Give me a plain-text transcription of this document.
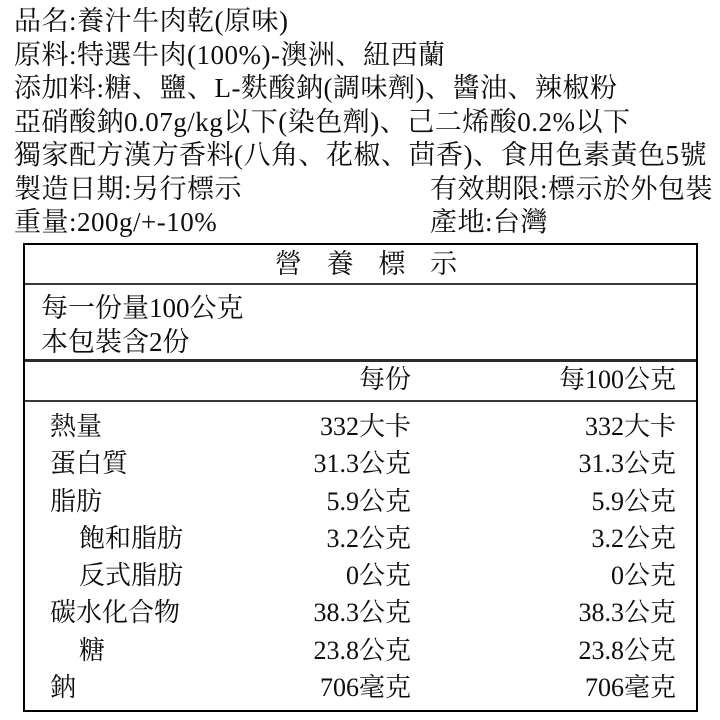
品名:養汁牛肉乾(原味)
原料:特選牛肉(100%)-澳洲、紐西蘭
添加料:糖、鹽、L-麩酸鈉(調味劑)、醬油、辣椒粉
亞硝酸鈉0.07g/kg以下(染色劑)、己二烯酸0.2%以下
獨家配方漢方香料(八角、花椒、茴香)、食用色素黃色5號
製造日期:另行標示	有效期限:標示於外包裝
重量:200g/+-10%	產地:台灣
營 養 標 示
每一份量100公克
本包裝含2份
每份	每100公克
熱量	332大卡	332大卡
蛋白質	31.3公克	31.3公克
脂肪	5.9公克	5.9公克
飽和脂肪	3.2公克	3.2公克
反式脂肪	0公克	0公克
碳水化合物	38.3公克	38.3公克
糖	23.8公克	23.8公克
鈉	706毫克	706毫克
